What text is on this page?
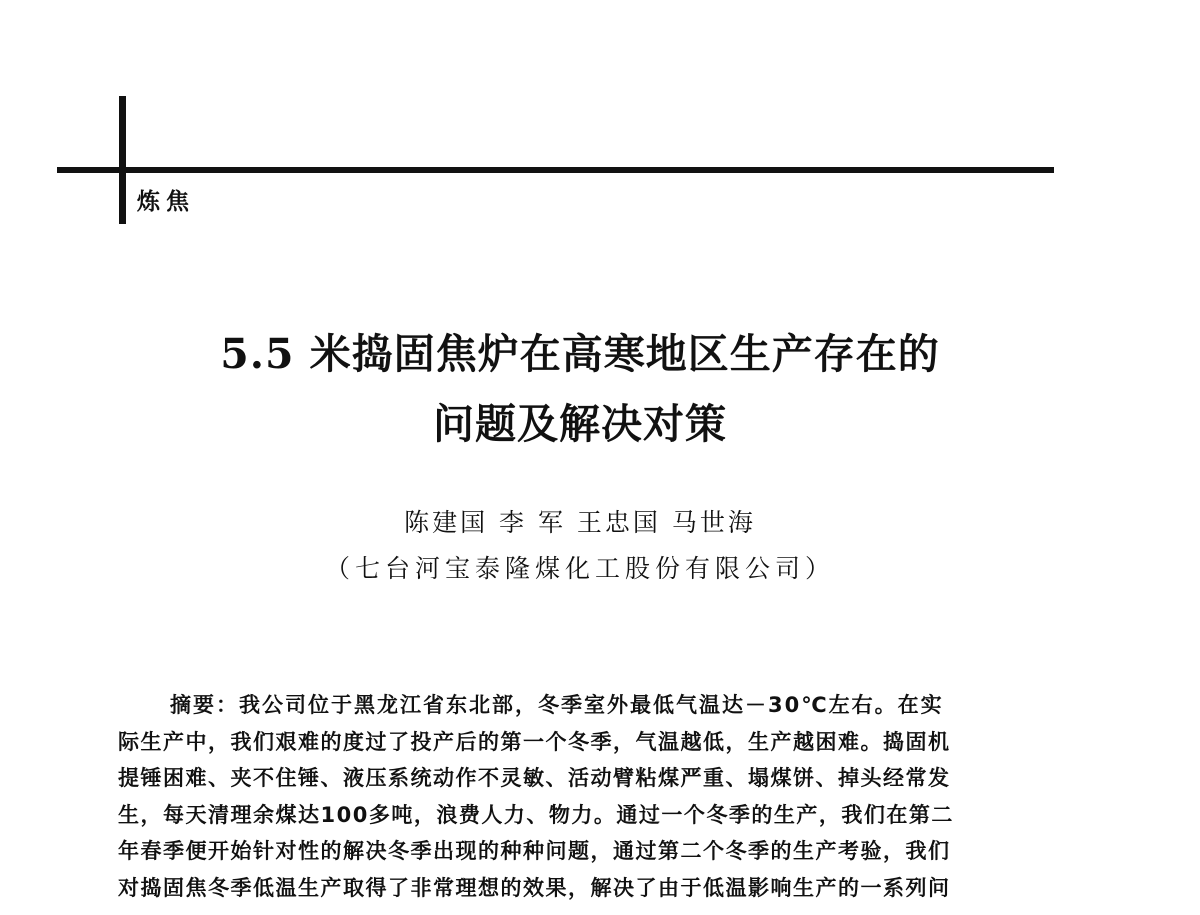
炼焦
5.5 米捣固焦炉在高寒地区生产存在的
问题及解决对策
陈建国 李 军 王忠国 马世海
（七台河宝泰隆煤化工股份有限公司）
摘要：我公司位于黑龙江省东北部，冬季室外最低气温达－30℃左右。在实
际生产中，我们艰难的度过了投产后的第一个冬季，气温越低，生产越困难。捣固机
提锤困难、夹不住锤、液压系统动作不灵敏、活动臂粘煤严重、塌煤饼、掉头经常发
生，每天清理余煤达100多吨，浪费人力、物力。通过一个冬季的生产，我们在第二
年春季便开始针对性的解决冬季出现的种种问题，通过第二个冬季的生产考验，我们
对捣固焦冬季低温生产取得了非常理想的效果，解决了由于低温影响生产的一系列问
